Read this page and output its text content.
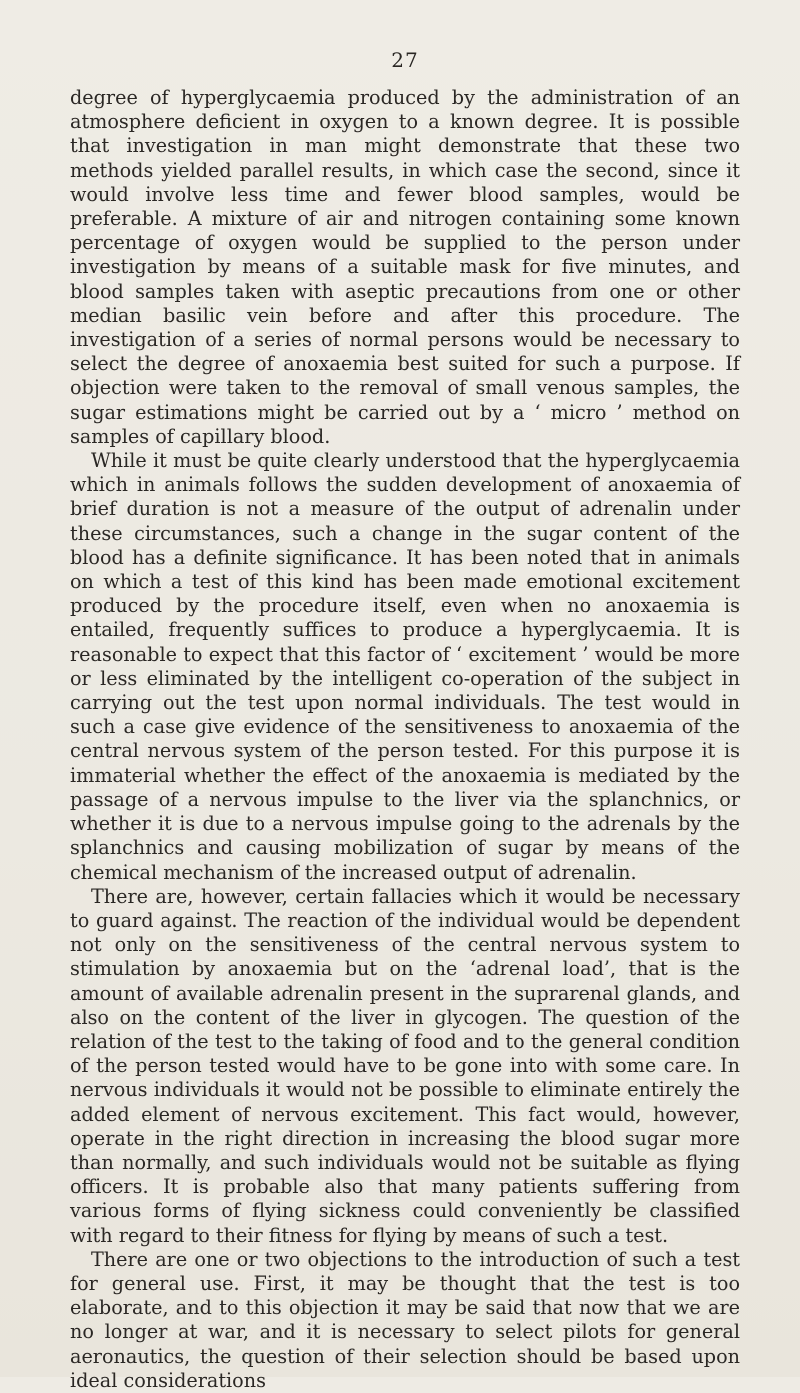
27

degree of hyperglycaemia produced by the administration of an atmosphere deficient in oxygen to a known degree. It is possible that investigation in man might demonstrate that these two methods yielded parallel results, in which case the second, since it would involve less time and fewer blood samples, would be preferable. A mixture of air and nitrogen containing some known percentage of oxygen would be supplied to the person under investigation by means of a suitable mask for five minutes, and blood samples taken with aseptic precautions from one or other median basilic vein before and after this procedure. The investigation of a series of normal persons would be necessary to select the degree of anoxaemia best suited for such a purpose. If objection were taken to the removal of small venous samples, the sugar estimations might be carried out by a ‘ micro ’ method on samples of capillary blood.

While it must be quite clearly understood that the hyperglycaemia which in animals follows the sudden development of anoxaemia of brief duration is not a measure of the output of adrenalin under these circumstances, such a change in the sugar content of the blood has a definite significance. It has been noted that in animals on which a test of this kind has been made emotional excitement produced by the procedure itself, even when no anoxaemia is entailed, frequently suffices to produce a hyperglycaemia. It is reasonable to expect that this factor of ‘ excitement ’ would be more or less eliminated by the intelligent co-operation of the subject in carrying out the test upon normal individuals. The test would in such a case give evidence of the sensitiveness to anoxaemia of the central nervous system of the person tested. For this purpose it is immaterial whether the effect of the anoxaemia is mediated by the passage of a nervous impulse to the liver via the splanchnics, or whether it is due to a nervous impulse going to the adrenals by the splanchnics and causing mobilization of sugar by means of the chemical mechanism of the increased output of adrenalin.

There are, however, certain fallacies which it would be necessary to guard against. The reaction of the individual would be dependent not only on the sensitiveness of the central nervous system to stimulation by anoxaemia but on the ‘adrenal load’, that is the amount of available adrenalin present in the suprarenal glands, and also on the content of the liver in glycogen. The question of the relation of the test to the taking of food and to the general condition of the person tested would have to be gone into with some care. In nervous individuals it would not be possible to eliminate entirely the added element of nervous excitement. This fact would, however, operate in the right direction in increasing the blood sugar more than normally, and such individuals would not be suitable as flying officers. It is probable also that many patients suffering from various forms of flying sickness could conveniently be classified with regard to their fitness for flying by means of such a test.

There are one or two objections to the introduction of such a test for general use. First, it may be thought that the test is too elaborate, and to this objection it may be said that now that we are no longer at war, and it is necessary to select pilots for general aeronautics, the question of their selection should be based upon ideal considerations
